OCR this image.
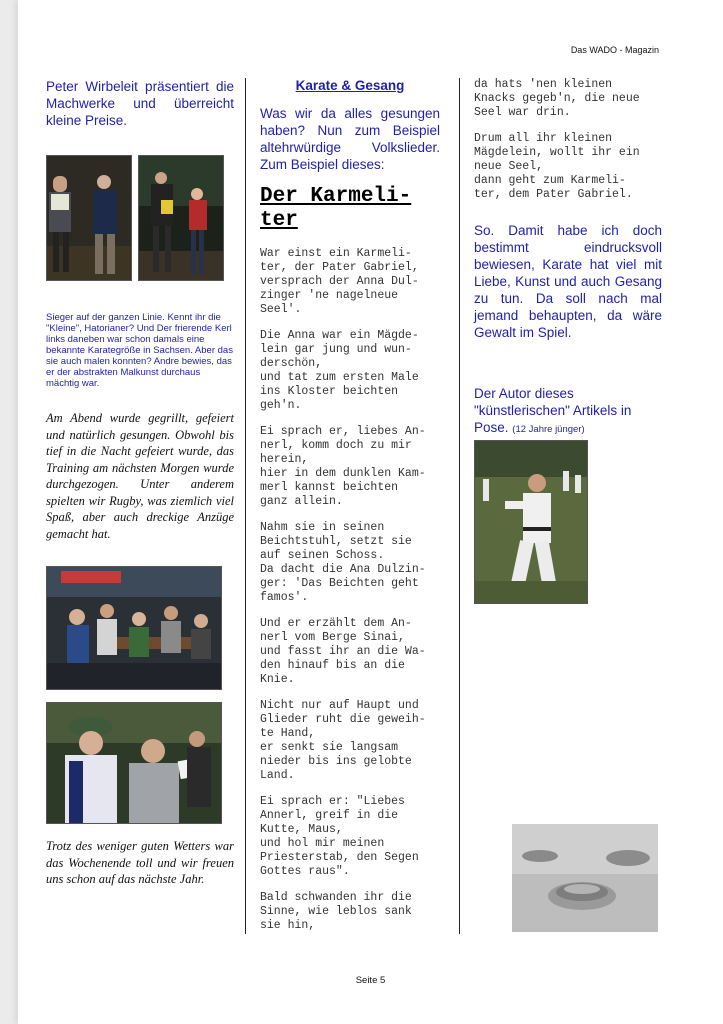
Das WADO - Magazin

Peter Wirbeleit präsentiert die Machwerke und überreicht kleine Preise.

Sieger auf der ganzen Linie. Kennt ihr die "Kleine", Hatorianer? Und Der frierende Kerl links daneben war schon damals eine bekannte Karategröße in Sachsen. Aber das sie auch malen konnten? Andre bewies, das er der abstrakten Malkunst durchaus mächtig war.

Am Abend wurde gegrillt, gefeiert und natürlich gesungen. Obwohl bis tief in die Nacht gefeiert wurde, das Training am nächsten Morgen wurde durchgezogen. Unter anderem spielten wir Rugby, was ziemlich viel Spaß, aber auch dreckige Anzüge gemacht hat.

Trotz des weniger guten Wetters war das Wochenende toll und wir freuen uns schon auf das nächste Jahr.

Karate & Gesang

Was wir da alles gesungen haben? Nun zum Beispiel altehrwürdige Volkslieder. Zum Beispiel dieses:

Der Karmeli-
ter

War einst ein Karmeli-
ter, der Pater Gabriel,
versprach der Anna Dul-
zinger 'ne nagelneue
Seel'.

Die Anna war ein Mägde-
lein gar jung und wun-
derschön,
und tat zum ersten Male
ins Kloster beichten
geh'n.

Ei sprach er, liebes An-
nerl, komm doch zu mir
herein,
hier in dem dunklen Kam-
merl kannst beichten
ganz allein.

Nahm sie in seinen
Beichtstuhl, setzt sie
auf seinen Schoss.
Da dacht die Ana Dulzin-
ger: 'Das Beichten geht
famos'.

Und er erzählt dem An-
nerl vom Berge Sinai,
und fasst ihr an die Wa-
den hinauf bis an die
Knie.

Nicht nur auf Haupt und
Glieder ruht die geweih-
te Hand,
er senkt sie langsam
nieder bis ins gelobte
Land.

Ei sprach er: "Liebes
Annerl, greif in die
Kutte, Maus,
und hol mir meinen
Priesterstab, den Segen
Gottes raus".

Bald schwanden ihr die
Sinne, wie leblos sank
sie hin,

da hats 'nen kleinen
Knacks gegeb'n, die neue
Seel war drin.

Drum all ihr kleinen
Mägdelein, wollt ihr ein
neue Seel,
dann geht zum Karmeli-
ter, dem Pater Gabriel.

So. Damit habe ich doch bestimmt eindrucksvoll bewiesen, Karate hat viel mit Liebe, Kunst und auch Gesang zu tun. Da soll nach mal jemand behaupten, da wäre Gewalt im Spiel.

Der Autor dieses "künstlerischen" Artikels in Pose. (12 Jahre jünger)

Seite 5
